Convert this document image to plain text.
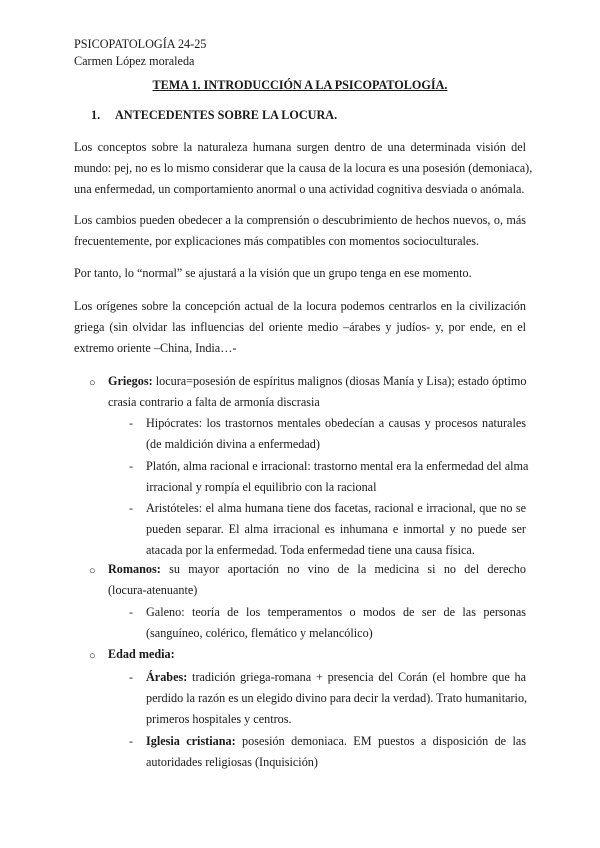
PSICOPATOLOGÍA 24-25
Carmen López moraleda
TEMA 1. INTRODUCCIÓN A LA PSICOPATOLOGÍA.
1. ANTECEDENTES SOBRE LA LOCURA.
Los conceptos sobre la naturaleza humana surgen dentro de una determinada visión del
mundo: pej, no es lo mismo considerar que la causa de la locura es una posesión (demoniaca),
una enfermedad, un comportamiento anormal o una actividad cognitiva desviada o anómala.
Los cambios pueden obedecer a la comprensión o descubrimiento de hechos nuevos, o, más
frecuentemente, por explicaciones más compatibles con momentos socioculturales.
Por tanto, lo “normal” se ajustará a la visión que un grupo tenga en ese momento.
Los orígenes sobre la concepción actual de la locura podemos centrarlos en la civilización
griega (sin olvidar las influencias del oriente medio –árabes y judíos- y, por ende, en el
extremo oriente –China, India…-
○ Griegos: locura=posesión de espíritus malignos (diosas Manía y Lisa); estado óptimo
crasia contrario a falta de armonía discrasia
- Hipócrates: los trastornos mentales obedecían a causas y procesos naturales
(de maldición divina a enfermedad)
- Platón, alma racional e irracional: trastorno mental era la enfermedad del alma
irracional y rompía el equilibrio con la racional
- Aristóteles: el alma humana tiene dos facetas, racional e irracional, que no se
pueden separar. El alma irracional es inhumana e inmortal y no puede ser
atacada por la enfermedad. Toda enfermedad tiene una causa física.
○ Romanos: su mayor aportación no vino de la medicina si no del derecho
(locura-atenuante)
- Galeno: teoría de los temperamentos o modos de ser de las personas
(sanguíneo, colérico, flemático y melancólico)
○ Edad media:
- Árabes: tradición griega-romana + presencia del Corán (el hombre que ha
perdido la razón es un elegido divino para decir la verdad). Trato humanitario,
primeros hospitales y centros.
- Iglesia cristiana: posesión demoniaca. EM puestos a disposición de las
autoridades religiosas (Inquisición)
